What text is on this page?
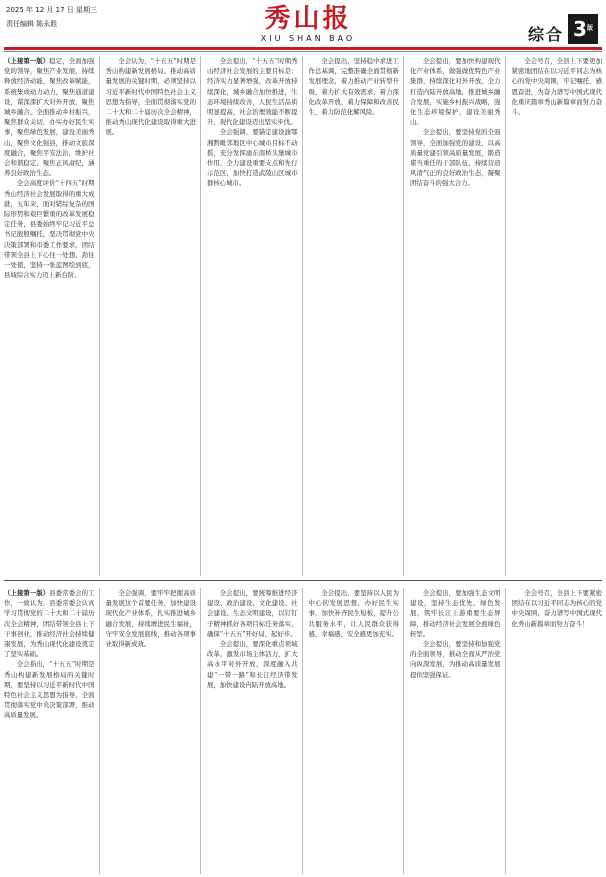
2025 年 12 月 17 日 星期三
责任编辑 陈永胜	秀山报
XIU SHAN BAO	综合 $3^版$

（上接第一版）稳定，全面加强党的领导，聚焦产业发展，持续释放经济动能，聚焦改革赋能，系统集成动力动力，聚焦通道建设，谋深深扩大对外开放，聚焦城乡融合，全面推动乡村振兴，聚焦群众关切，办实办好民生实事，聚焦绿色发展，建设美丽秀山，聚焦文化强县，推动文旅深度融合，聚焦平安法治，维护社会和谐稳定，聚焦正风肃纪，涵养良好政治生态。

全会高度评价“十四五”时期秀山经济社会发展取得的重大成就，五年来，面对错综复杂的国际形势和艰巨繁重的改革发展稳定任务，县委始终牢记习近平总书记殷殷嘱托，坚决贯彻党中央决策部署和市委工作要求，团结带领全县上下心往一处想、劲往一处使，坚持一张蓝图绘到底，县域综合实力迈上新台阶。

全会认为，“十五五”时期是秀山构建新发展格局、推动高质量发展的关键时期，必须坚持以习近平新时代中国特色社会主义思想为指导，全面贯彻落实党的二十大和二十届历次全会精神，推动秀山现代化建设取得重大进展。

全会提出，“十五五”时期秀山经济社会发展的主要目标是：经济实力显著增强，改革开放持续深化，城乡融合加快推进，生态环境持续改善，人民生活品质明显提高，社会治理效能不断提升，现代化建设迈出坚实步伐。

全会强调，要锚定建设渝鄂湘黔毗邻地区中心城市目标不动摇，充分发挥渝东南桥头堡城市作用，全力建设重要支点和先行示范区，加快打造武陵山区城市群核心城市。

全会提出，坚持稳中求进工作总基调，完整准确全面贯彻新发展理念，着力推动产业转型升级，着力扩大有效需求，着力深化改革开放，着力保障和改善民生，着力防范化解风险。

全会提出，要加快构建现代化产业体系，做强做优特色产业集群，持续深化对外开放，全力打造内陆开放高地，推进城乡融合发展，实施乡村振兴战略，强化生态环境保护，建设美丽秀山。

全会提出，要坚持党的全面领导，全面加强党的建设，以高质量党建引领高质量发展，锻造堪当重任的干部队伍，持续营造风清气正的良好政治生态，凝聚团结奋斗的强大合力。

全会号召，全县上下要更加紧密地团结在以习近平同志为核心的党中央周围，牢记嘱托、感恩奋进，为奋力谱写中国式现代化重庆篇章秀山新篇章而努力奋斗。

（上接第一版）县委常委会的工作，一致认为，县委常委会认真学习贯彻党的二十大和二十届历次全会精神，团结带领全县上下干事创业，推动经济社会持续健康发展，为秀山现代化建设奠定了坚实基础。

全会指出，“十五五”时期是秀山构建新发展格局的关键时期，要坚持以习近平新时代中国特色社会主义思想为指导，全面贯彻落实党中央决策部署，推动高质量发展。

全会强调，要牢牢把握高质量发展这个首要任务，加快建设现代化产业体系，扎实推进城乡融合发展，持续增进民生福祉，守牢安全发展底线，推动各项事业取得新成效。

全会提出，要统筹推进经济建设、政治建设、文化建设、社会建设、生态文明建设，以钉钉子精神抓好各项目标任务落实，确保“十五五”开好局、起好步。

全会提出，要深化重点领域改革，激发市场主体活力，扩大高水平对外开放，深度融入共建“一带一路”和长江经济带发展，加快建设内陆开放高地。

全会提出，要坚持以人民为中心的发展思想，办好民生实事，加快补齐民生短板，提升公共服务水平，让人民群众获得感、幸福感、安全感更加充实。

全会提出，要加强生态文明建设，坚持生态优先、绿色发展，筑牢长江上游重要生态屏障，推动经济社会发展全面绿色转型。

全会提出，要坚持和加强党的全面领导，推动全面从严治党向纵深发展，为推动高质量发展提供坚强保证。

全会号召，全县上下要紧密团结在以习近平同志为核心的党中央周围，奋力谱写中国式现代化秀山新篇章而努力奋斗！
